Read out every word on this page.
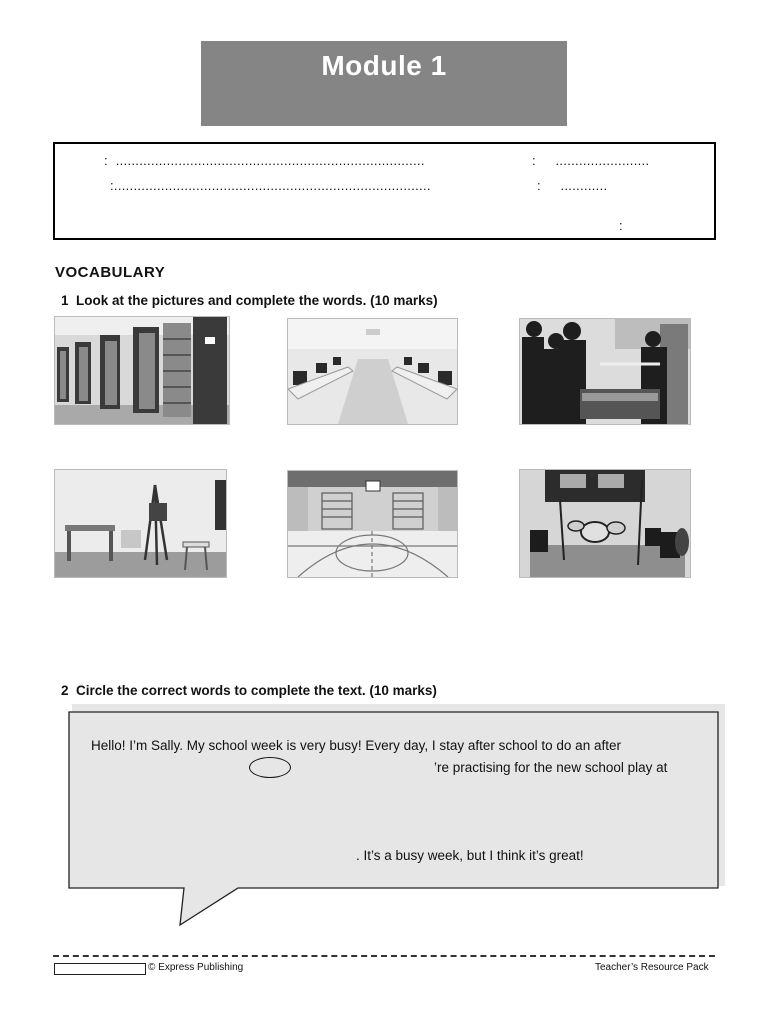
Module 1
:  ...............................................................................	:     ........................
:.................................................................................	:     ............
:
VOCABULARY
1 Look at the pictures and complete the words. (10 marks)
2 Circle the correct words to complete the text. (10 marks)
Hello! I’m Sally. My school week is very busy! Every day, I stay after school to do an after
’re practising for the new school play at
. It’s a busy week, but I think it’s great!
© Express Publishing	Teacher’s Resource Pack
